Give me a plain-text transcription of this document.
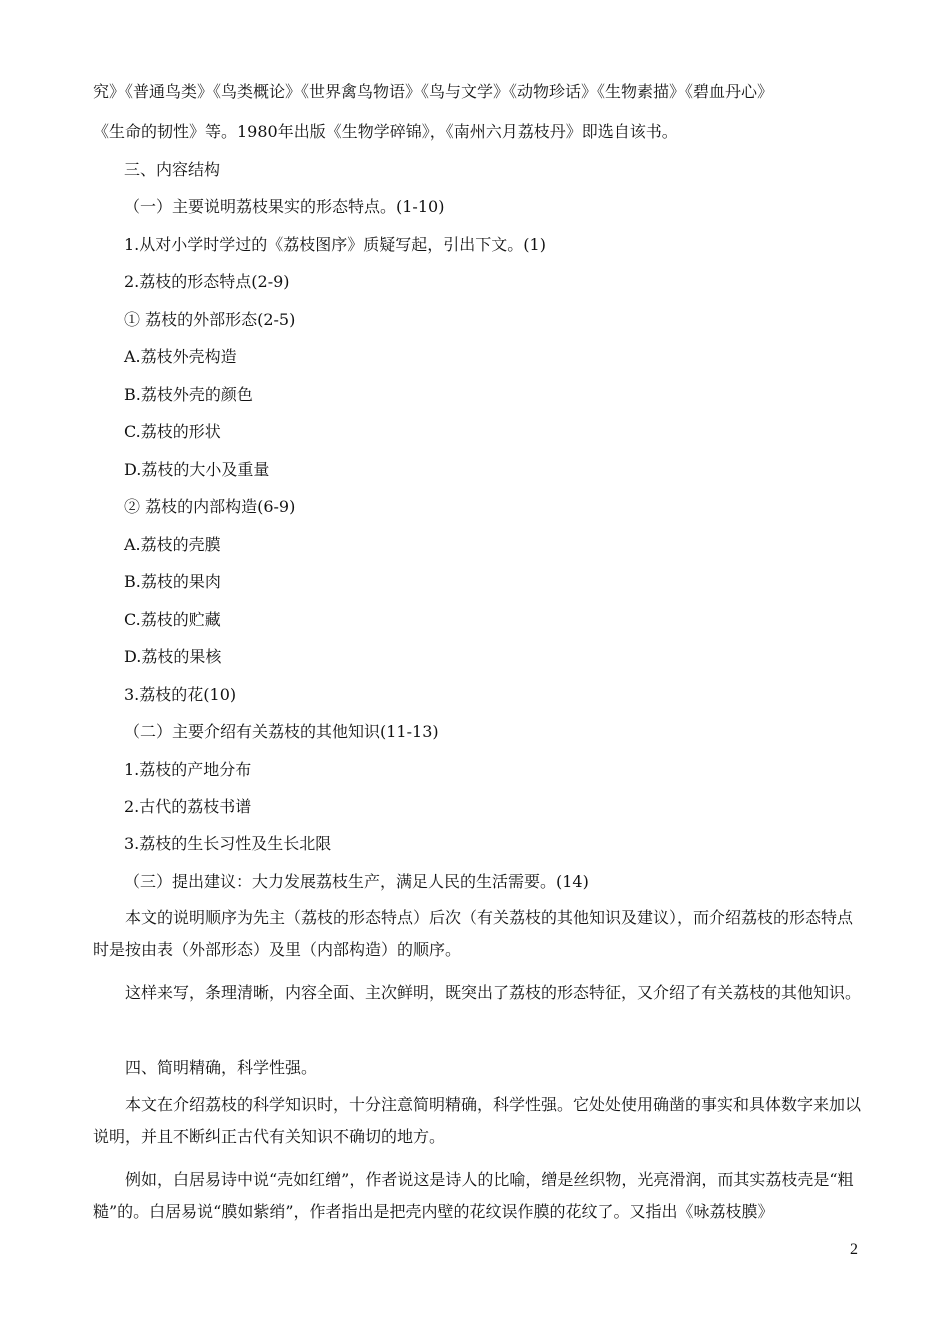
究》《普通鸟类》《鸟类概论》《世界禽鸟物语》《鸟与文学》《动物珍话》《生物素描》《碧血丹心》

《生命的韧性》等。1980年出版《生物学碎锦》，《南州六月荔枝丹》即选自该书。

三、内容结构

（一）主要说明荔枝果实的形态特点。(1-10)

1.从对小学时学过的《荔枝图序》质疑写起，引出下文。(1)

2.荔枝的形态特点(2-9)

① 荔枝的外部形态(2-5)

A.荔枝外壳构造

B.荔枝外壳的颜色

C.荔枝的形状

D.荔枝的大小及重量

② 荔枝的内部构造(6-9)

A.荔枝的壳膜

B.荔枝的果肉

C.荔枝的贮藏

D.荔枝的果核

3.荔枝的花(10)

（二）主要介绍有关荔枝的其他知识(11-13)

1.荔枝的产地分布

2.古代的荔枝书谱

3.荔枝的生长习性及生长北限

（三）提出建议：大力发展荔枝生产，满足人民的生活需要。(14)

本文的说明顺序为先主（荔枝的形态特点）后次（有关荔枝的其他知识及建议），而介绍荔枝的形态特点时是按由表（外部形态）及里（内部构造）的顺序。

这样来写，条理清晰，内容全面、主次鲜明，既突出了荔枝的形态特征，又介绍了有关荔枝的其他知识。

四、简明精确，科学性强。

本文在介绍荔枝的科学知识时，十分注意简明精确，科学性强。它处处使用确凿的事实和具体数字来加以说明，并且不断纠正古代有关知识不确切的地方。

例如，白居易诗中说“壳如红缯”，作者说这是诗人的比喻，缯是丝织物，光亮滑润，而其实荔枝壳是“粗糙”的。白居易说“膜如紫绡”，作者指出是把壳内壁的花纹误作膜的花纹了。又指出《咏荔枝膜》

2
